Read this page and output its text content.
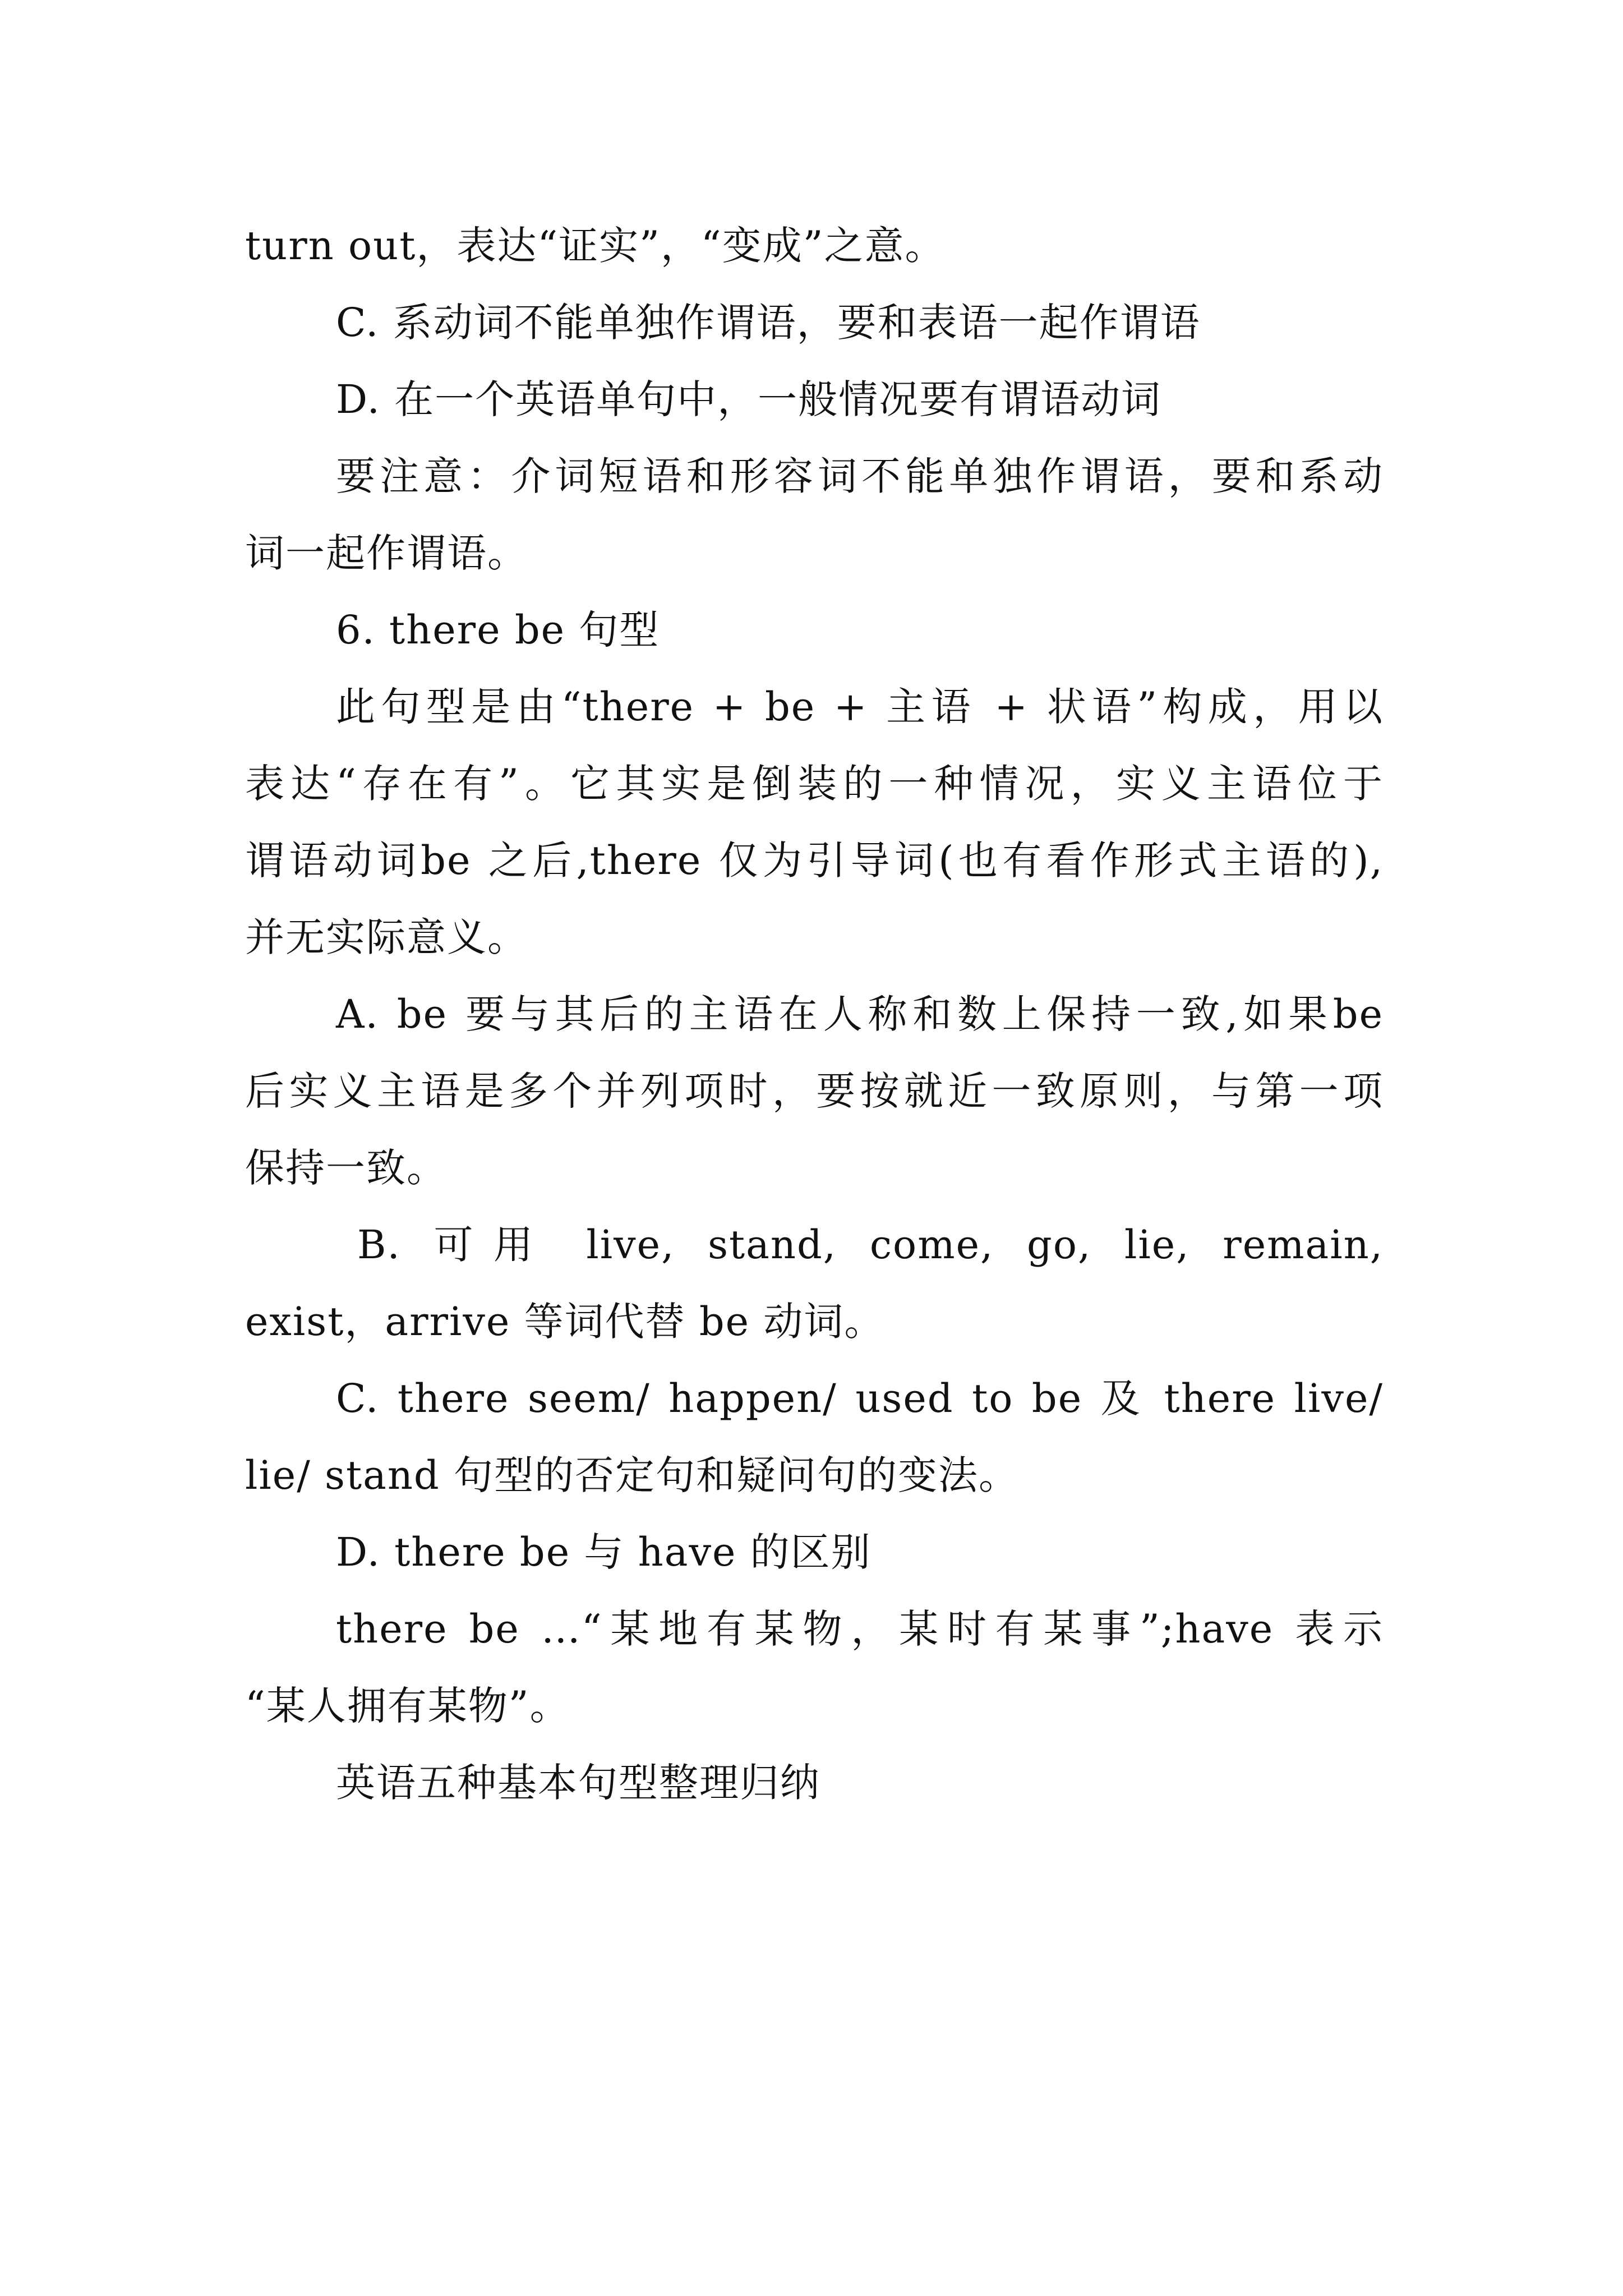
turn out，表达“证实”，“变成”之意。
C. 系动词不能单独作谓语，要和表语一起作谓语
D. 在一个英语单句中，一般情况要有谓语动词
要注意：介词短语和形容词不能单独作谓语，要和系动
词一起作谓语。
6. there be 句型
此句型是由“there + be + 主语 + 状语”构成，用以
表达“存在有”。它其实是倒装的一种情况，实义主语位于
谓语动词be 之后,there 仅为引导词(也有看作形式主语的),
并无实际意义。
A. be 要与其后的主语在人称和数上保持一致,如果be
后实义主语是多个并列项时，要按就近一致原则，与第一项
保持一致。
B. 可用 live, stand, come, go, lie, remain,
exist，arrive 等词代替 be 动词。
C. there seem/ happen/ used to be 及 there live/
lie/ stand 句型的否定句和疑问句的变法。
D. there be 与 have 的区别
there be …“某地有某物，某时有某事”;have 表示
“某人拥有某物”。
英语五种基本句型整理归纳
